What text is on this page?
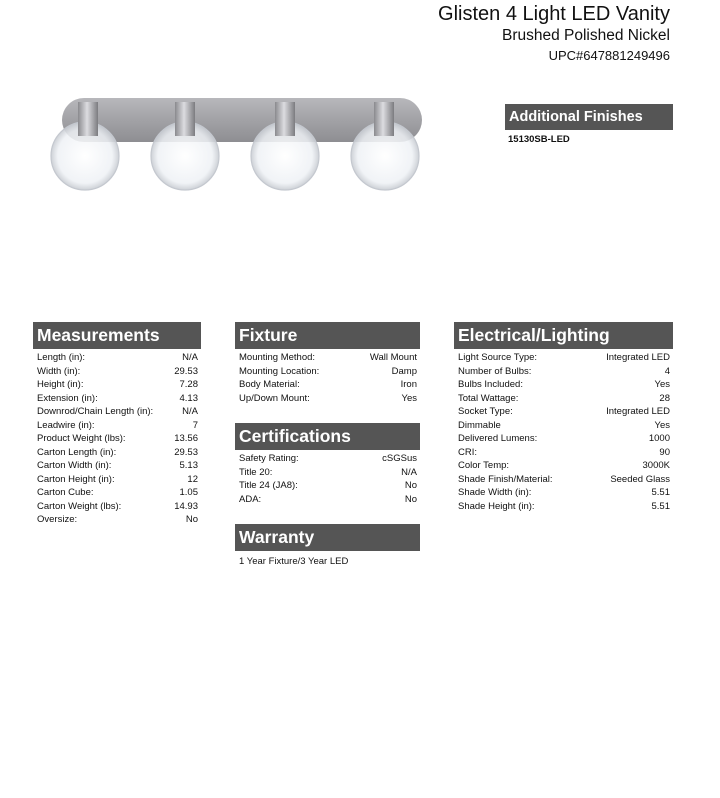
Glisten 4 Light LED Vanity
Brushed Polished Nickel
UPC#647881249496
Additional Finishes
15130SB-LED
Measurements
Length (in):	N/A
Width (in):	29.53
Height (in):	7.28
Extension (in):	4.13
Downrod/Chain Length (in):	N/A
Leadwire (in):	7
Product Weight (lbs):	13.56
Carton Length (in):	29.53
Carton Width (in):	5.13
Carton Height (in):	12
Carton Cube:	1.05
Carton Weight (lbs):	14.93
Oversize:	No
Fixture
Mounting Method:	Wall Mount
Mounting Location:	Damp
Body Material:	Iron
Up/Down Mount:	Yes
Certifications
Safety Rating:	cSGSus
Title 20:	N/A
Title 24 (JA8):	No
ADA:	No
Warranty
1 Year Fixture/3 Year LED
Electrical/Lighting
Light Source Type:	Integrated LED
Number of Bulbs:	4
Bulbs Included:	Yes
Total Wattage:	28
Socket Type:	Integrated LED
Dimmable	Yes
Delivered Lumens:	1000
CRI:	90
Color Temp:	3000K
Shade Finish/Material:	Seeded Glass
Shade Width (in):	5.51
Shade Height (in):	5.51
